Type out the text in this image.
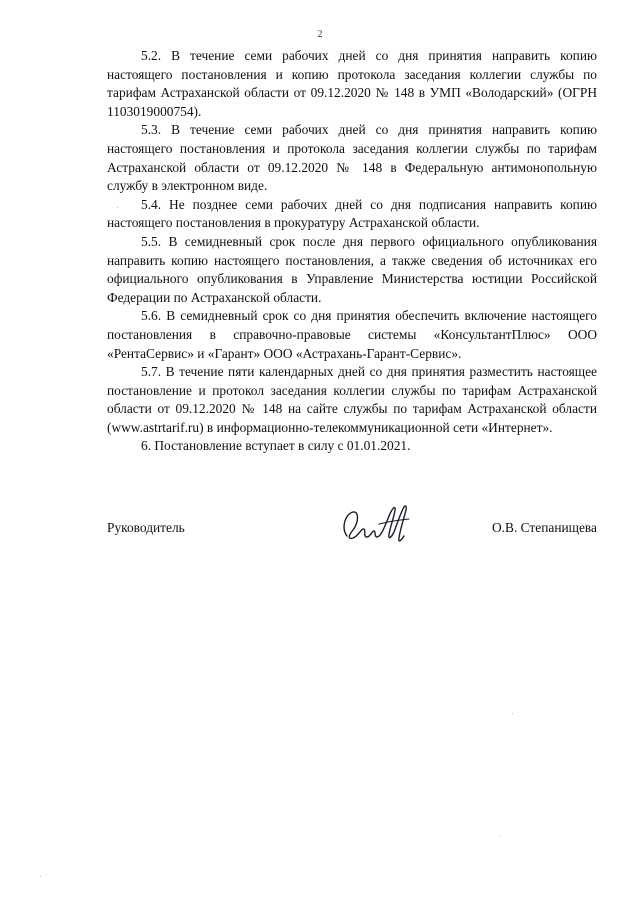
2

5.2. В течение семи рабочих дней со дня принятия направить копию настоящего постановления и копию протокола заседания коллегии службы по тарифам Астраханской области от 09.12.2020 № 148 в УМП «Володарский» (ОГРН 1103019000754).

5.3. В течение семи рабочих дней со дня принятия направить копию настоящего постановления и протокола заседания коллегии службы по тарифам Астраханской области от 09.12.2020 № 148 в Федеральную антимонопольную службу в электронном виде.

5.4. Не позднее семи рабочих дней со дня подписания направить копию настоящего постановления в прокуратуру Астраханской области.

5.5. В семидневный срок после дня первого официального опубликования направить копию настоящего постановления, а также сведения об источниках его официального опубликования в Управление Министерства юстиции Российской Федерации по Астраханской области.

5.6. В семидневный срок со дня принятия обеспечить включение настоящего постановления в справочно-правовые системы «КонсультантПлюс» ООО «РентаСервис» и «Гарант» ООО «Астрахань-Гарант-Сервис».

5.7. В течение пяти календарных дней со дня принятия разместить настоящее постановление и протокол заседания коллегии службы по тарифам Астраханской области от 09.12.2020 № 148 на сайте службы по тарифам Астраханской области (www.astrtarif.ru) в информационно-телекоммуникационной сети «Интернет».

6. Постановление вступает в силу с 01.01.2021.

Руководитель	О.В. Степанищева
